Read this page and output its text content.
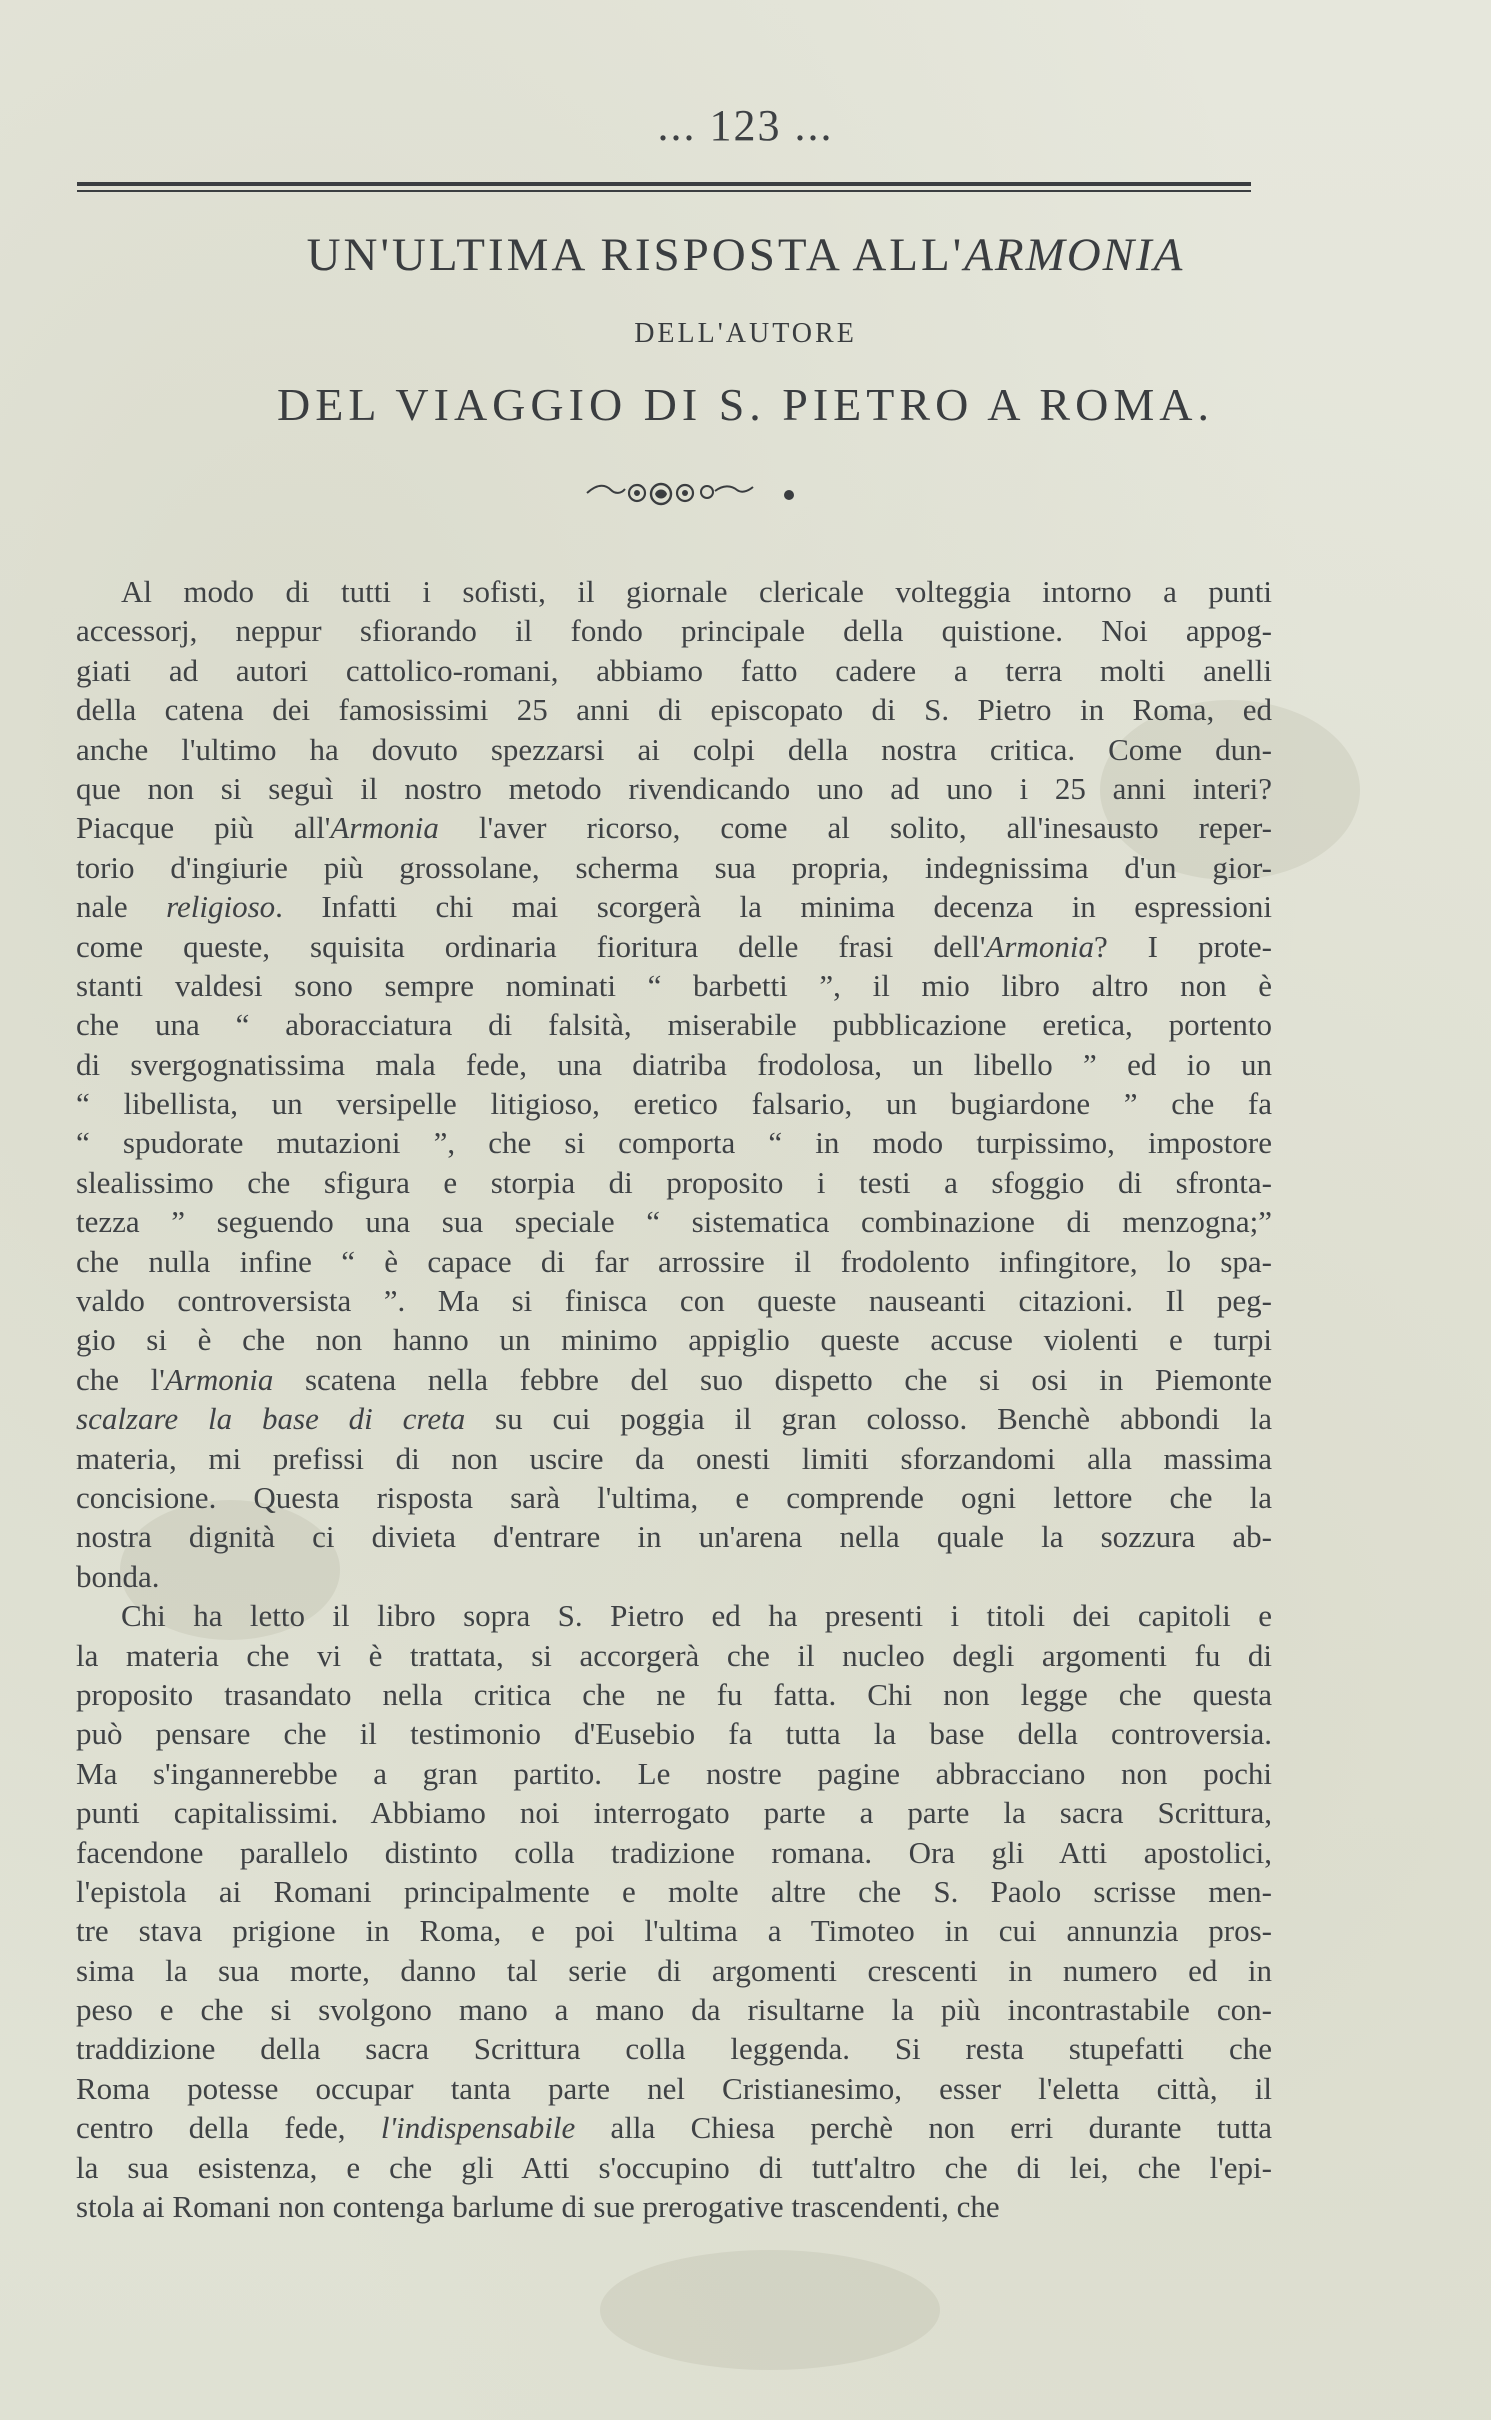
... 123 ...
UN'ULTIMA RISPOSTA ALL'ARMONIA
DELL'AUTORE
DEL VIAGGIO DI S. PIETRO A ROMA.
Al modo di tutti i sofisti, il giornale clericale volteggia intorno a punti
accessorj, neppur sfiorando il fondo principale della quistione. Noi appog-
giati ad autori cattolico-romani, abbiamo fatto cadere a terra molti anelli
della catena dei famosissimi 25 anni di episcopato di S. Pietro in Roma, ed
anche l'ultimo ha dovuto spezzarsi ai colpi della nostra critica. Come dun-
que non si seguì il nostro metodo rivendicando uno ad uno i 25 anni interi?
Piacque più all'Armonia l'aver ricorso, come al solito, all'inesausto reper-
torio d'ingiurie più grossolane, scherma sua propria, indegnissima d'un gior-
nale religioso. Infatti chi mai scorgerà la minima decenza in espressioni
come queste, squisita ordinaria fioritura delle frasi dell'Armonia? I prote-
stanti valdesi sono sempre nominati “ barbetti ”, il mio libro altro non è
che una “ aboracciatura di falsità, miserabile pubblicazione eretica, portento
di svergognatissima mala fede, una diatriba frodolosa, un libello ” ed io un
“ libellista, un versipelle litigioso, eretico falsario, un bugiardone ” che fa
“ spudorate mutazioni ”, che si comporta “ in modo turpissimo, impostore
slealissimo che sfigura e storpia di proposito i testi a sfoggio di sfronta-
tezza ” seguendo una sua speciale “ sistematica combinazione di menzogna;”
che nulla infine “ è capace di far arrossire il frodolento infingitore, lo spa-
valdo controversista ”. Ma si finisca con queste nauseanti citazioni. Il peg-
gio si è che non hanno un minimo appiglio queste accuse violenti e turpi
che l'Armonia scatena nella febbre del suo dispetto che si osi in Piemonte
scalzare la base di creta su cui poggia il gran colosso. Benchè abbondi la
materia, mi prefissi di non uscire da onesti limiti sforzandomi alla massima
concisione. Questa risposta sarà l'ultima, e comprende ogni lettore che la
nostra dignità ci divieta d'entrare in un'arena nella quale la sozzura ab-
bonda.
Chi ha letto il libro sopra S. Pietro ed ha presenti i titoli dei capitoli e
la materia che vi è trattata, si accorgerà che il nucleo degli argomenti fu di
proposito trasandato nella critica che ne fu fatta. Chi non legge che questa
può pensare che il testimonio d'Eusebio fa tutta la base della controversia.
Ma s'ingannerebbe a gran partito. Le nostre pagine abbracciano non pochi
punti capitalissimi. Abbiamo noi interrogato parte a parte la sacra Scrittura,
facendone parallelo distinto colla tradizione romana. Ora gli Atti apostolici,
l'epistola ai Romani principalmente e molte altre che S. Paolo scrisse men-
tre stava prigione in Roma, e poi l'ultima a Timoteo in cui annunzia pros-
sima la sua morte, danno tal serie di argomenti crescenti in numero ed in
peso e che si svolgono mano a mano da risultarne la più incontrastabile con-
traddizione della sacra Scrittura colla leggenda. Si resta stupefatti che
Roma potesse occupar tanta parte nel Cristianesimo, esser l'eletta città, il
centro della fede, l'indispensabile alla Chiesa perchè non erri durante tutta
la sua esistenza, e che gli Atti s'occupino di tutt'altro che di lei, che l'epi-
stola ai Romani non contenga barlume di sue prerogative trascendenti, che
